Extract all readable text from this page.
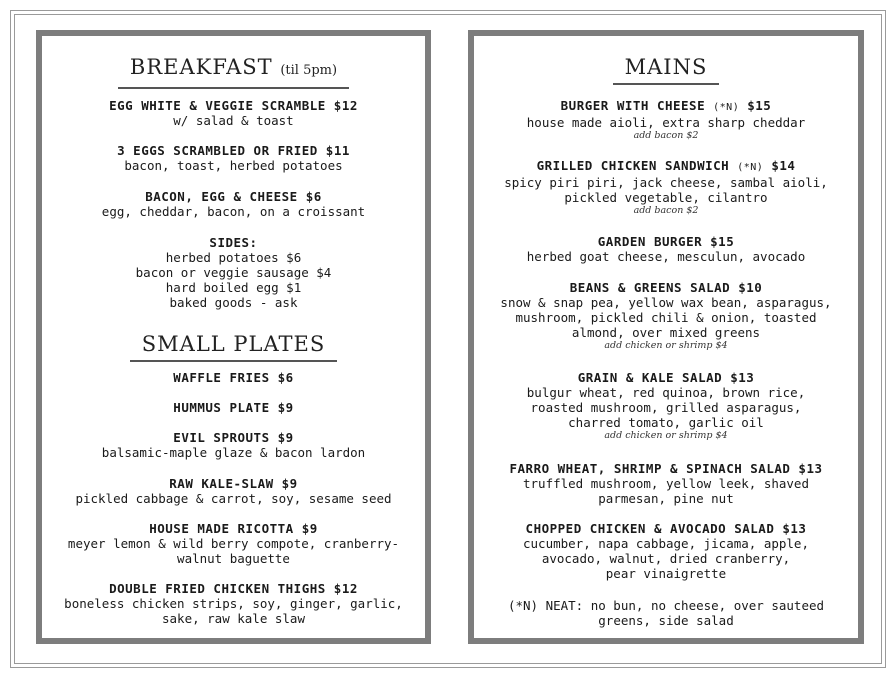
BREAKFAST (til 5pm)
EGG WHITE & VEGGIE SCRAMBLE $12
w/ salad & toast
3 EGGS SCRAMBLED OR FRIED $11
bacon, toast, herbed potatoes
BACON, EGG & CHEESE $6
egg, cheddar, bacon, on a croissant
SIDES:
herbed potatoes $6
bacon or veggie sausage $4
hard boiled egg $1
baked goods - ask
SMALL PLATES
WAFFLE FRIES $6
HUMMUS PLATE $9
EVIL SPROUTS $9
balsamic-maple glaze & bacon lardon
RAW KALE-SLAW $9
pickled cabbage & carrot, soy, sesame seed
HOUSE MADE RICOTTA $9
meyer lemon & wild berry compote, cranberry-
walnut baguette
DOUBLE FRIED CHICKEN THIGHS $12
boneless chicken strips, soy, ginger, garlic,
sake, raw kale slaw
MAINS
BURGER WITH CHEESE (*N) $15
house made aioli, extra sharp cheddar
add bacon $2
GRILLED CHICKEN SANDWICH (*N) $14
spicy piri piri, jack cheese, sambal aioli,
pickled vegetable, cilantro
add bacon $2
GARDEN BURGER $15
herbed goat cheese, mesculun, avocado
BEANS & GREENS SALAD $10
snow & snap pea, yellow wax bean, asparagus,
mushroom, pickled chili & onion, toasted
almond, over mixed greens
add chicken or shrimp $4
GRAIN & KALE SALAD $13
bulgur wheat, red quinoa, brown rice,
roasted mushroom, grilled asparagus,
charred tomato, garlic oil
add chicken or shrimp $4
FARRO WHEAT, SHRIMP & SPINACH SALAD $13
truffled mushroom, yellow leek, shaved
parmesan, pine nut
CHOPPED CHICKEN & AVOCADO SALAD $13
cucumber, napa cabbage, jicama, apple,
avocado, walnut, dried cranberry,
pear vinaigrette
(*N) NEAT: no bun, no cheese, over sauteed
greens, side salad
